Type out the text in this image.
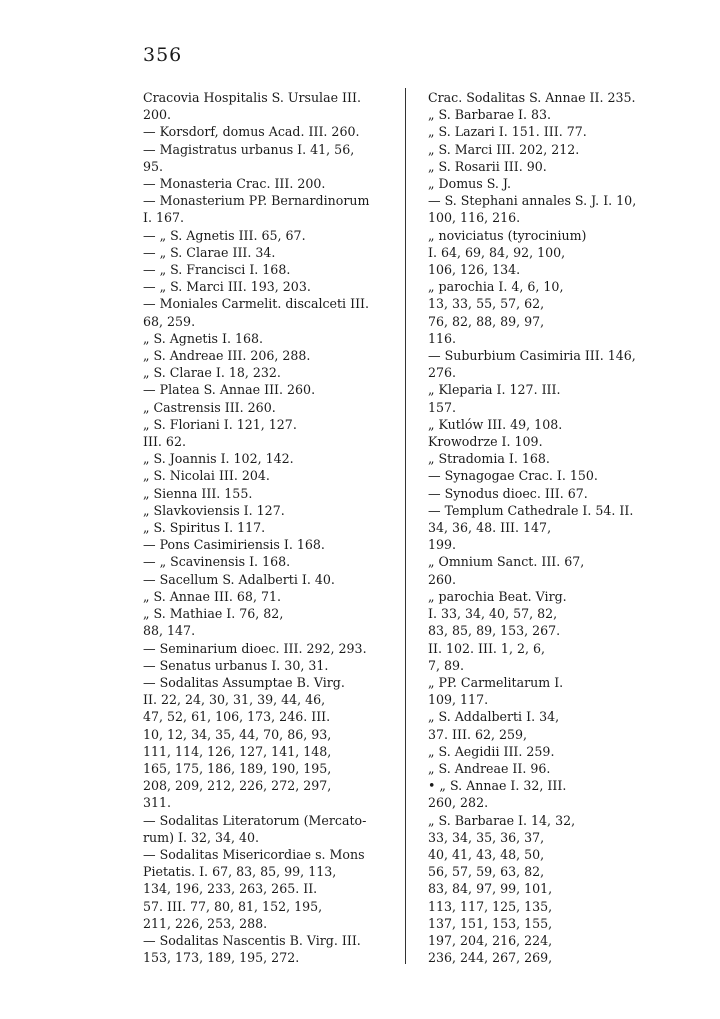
356

Cracovia Hospitalis S. Ursulae III.

200.

— Korsdorf, domus Acad. III. 260.

— Magistratus urbanus I. 41, 56,

95.

— Monasteria Crac. III. 200.

— Monasterium PP. Bernardinorum

I. 167.

— „ S. Agnetis III. 65, 67.

— „ S. Clarae III. 34.

— „ S. Francisci I. 168.

— „ S. Marci III. 193, 203.

— Moniales Carmelit. discalceti III.

68, 259.

„ S. Agnetis I. 168.

„ S. Andreae III. 206, 288.

„ S. Clarae I. 18, 232.

— Platea S. Annae III. 260.

„ Castrensis III. 260.

„ S. Floriani I. 121, 127.

III. 62.

„ S. Joannis I. 102, 142.

„ S. Nicolai III. 204.

„ Sienna III. 155.

„ Slavkoviensis I. 127.

„ S. Spiritus I. 117.

— Pons Casimiriensis I. 168.

— „ Scavinensis I. 168.

— Sacellum S. Adalberti I. 40.

„ S. Annae III. 68, 71.

„ S. Mathiae I. 76, 82,

88, 147.

— Seminarium dioec. III. 292, 293.

— Senatus urbanus I. 30, 31.

— Sodalitas Assumptae B. Virg.

II. 22, 24, 30, 31, 39, 44, 46,

47, 52, 61, 106, 173, 246. III.

10, 12, 34, 35, 44, 70, 86, 93,

111, 114, 126, 127, 141, 148,

165, 175, 186, 189, 190, 195,

208, 209, 212, 226, 272, 297,

311.

— Sodalitas Literatorum (Mercato-

rum) I. 32, 34, 40.

— Sodalitas Misericordiae s. Mons

Pietatis. I. 67, 83, 85, 99, 113,

134, 196, 233, 263, 265. II.

57. III. 77, 80, 81, 152, 195,

211, 226, 253, 288.

— Sodalitas Nascentis B. Virg. III.

153, 173, 189, 195, 272.

Crac. Sodalitas S. Annae II. 235.

„ S. Barbarae I. 83.

„ S. Lazari I. 151. III. 77.

„ S. Marci III. 202, 212.

„ S. Rosarii III. 90.

„ Domus S. J.

— S. Stephani annales S. J. I. 10,

100, 116, 216.

„ noviciatus (tyrocinium)

I. 64, 69, 84, 92, 100,

106, 126, 134.

„ parochia I. 4, 6, 10,

13, 33, 55, 57, 62,

76, 82, 88, 89, 97,

116.

— Suburbium Casimiria III. 146,

276.

„ Kleparia I. 127. III.

157.

„ Kutlów III. 49, 108.

Krowodrze I. 109.

„ Stradomia I. 168.

— Synagogae Crac. I. 150.

— Synodus dioec. III. 67.

— Templum Cathedrale I. 54. II.

34, 36, 48. III. 147,

199.

„ Omnium Sanct. III. 67,

260.

„ parochia Beat. Virg.

I. 33, 34, 40, 57, 82,

83, 85, 89, 153, 267.

II. 102. III. 1, 2, 6,

7, 89.

„ PP. Carmelitarum I.

109, 117.

„ S. Addalberti I. 34,

37. III. 62, 259,

„ S. Aegidii III. 259.

„ S. Andreae II. 96.

• „ S. Annae I. 32, III.

260, 282.

„ S. Barbarae I. 14, 32,

33, 34, 35, 36, 37,

40, 41, 43, 48, 50,

56, 57, 59, 63, 82,

83, 84, 97, 99, 101,

113, 117, 125, 135,

137, 151, 153, 155,

197, 204, 216, 224,

236, 244, 267, 269,
